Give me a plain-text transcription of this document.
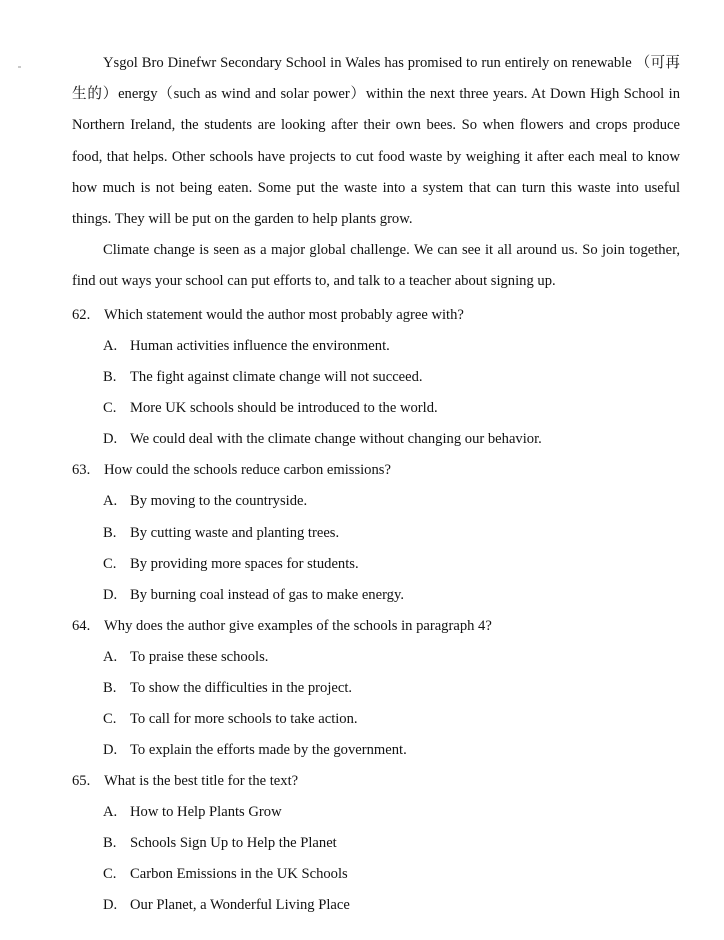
Ysgol Bro Dinefwr Secondary School in Wales has promised to run entirely on renewable （可再生的）energy（such as wind and solar power）within the next three years. At Down High School in Northern Ireland, the students are looking after their own bees. So when flowers and crops produce food, that helps. Other schools have projects to cut food waste by weighing it after each meal to know how much is not being eaten. Some put the waste into a system that can turn this waste into useful things. They will be put on the garden to help plants grow.

Climate change is seen as a major global challenge. We can see it all around us. So join together, find out ways your school can put efforts to, and talk to a teacher about signing up.

62. Which statement would the author most probably agree with?
A. Human activities influence the environment.
B. The fight against climate change will not succeed.
C. More UK schools should be introduced to the world.
D. We could deal with the climate change without changing our behavior.
63. How could the schools reduce carbon emissions?
A. By moving to the countryside.
B. By cutting waste and planting trees.
C. By providing more spaces for students.
D. By burning coal instead of gas to make energy.
64. Why does the author give examples of the schools in paragraph 4?
A. To praise these schools.
B. To show the difficulties in the project.
C. To call for more schools to take action.
D. To explain the efforts made by the government.
65. What is the best title for the text?
A. How to Help Plants Grow
B. Schools Sign Up to Help the Planet
C. Carbon Emissions in the UK Schools
D. Our Planet, a Wonderful Living Place
